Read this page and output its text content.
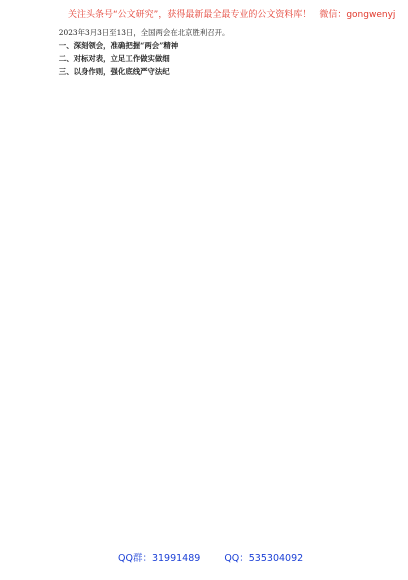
关注头条号“公文研究”，获得最新最全最专业的公文资料库！ 微信：gongwenyj

2023年3月3日至13日，全国两会在北京胜利召开。

一、深刻领会，准确把握“两会”精神

二、对标对表，立足工作做实做细

三、以身作则，强化底线严守法纪

QQ群：31991489	QQ：535304092
